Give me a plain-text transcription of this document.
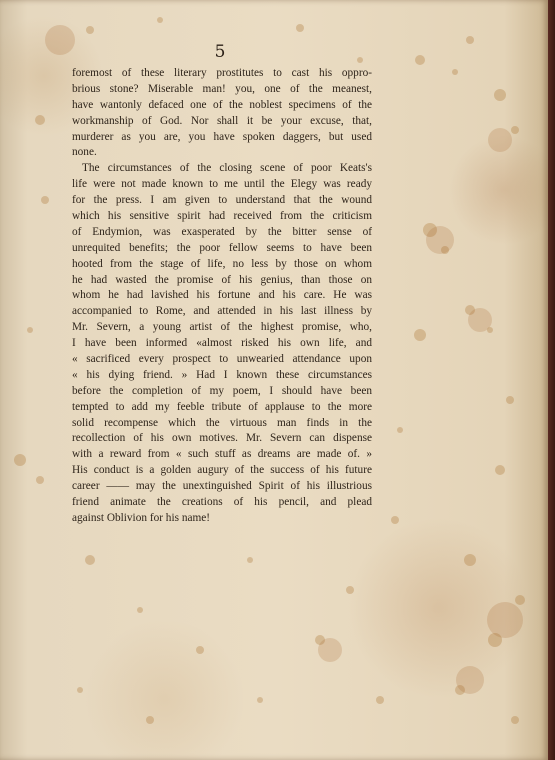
5
foremost of these literary prostitutes to cast his oppro-
brious stone? Miserable man! you, one of the meanest,
have wantonly defaced one of the noblest specimens of the
workmanship of God. Nor shall it be your excuse, that,
murderer as you are, you have spoken daggers, but used
none.
The circumstances of the closing scene of poor Keats's
life were not made known to me until the Elegy was ready
for the press. I am given to understand that the wound
which his sensitive spirit had received from the criticism
of Endymion, was exasperated by the bitter sense of
unrequited benefits; the poor fellow seems to have been
hooted from the stage of life, no less by those on whom
he had wasted the promise of his genius, than those on
whom he had lavished his fortune and his care. He was
accompanied to Rome, and attended in his last illness by
Mr. Severn, a young artist of the highest promise, who,
I have been informed «almost risked his own life, and
« sacrificed every prospect to unwearied attendance upon
« his dying friend. » Had I known these circumstances
before the completion of my poem, I should have been
tempted to add my feeble tribute of applause to the more
solid recompense which the virtuous man finds in the
recollection of his own motives. Mr. Severn can dispense
with a reward from « such stuff as dreams are made of. »
His conduct is a golden augury of the success of his future
career —— may the unextinguished Spirit of his illustrious
friend animate the creations of his pencil, and plead
against Oblivion for his name!
